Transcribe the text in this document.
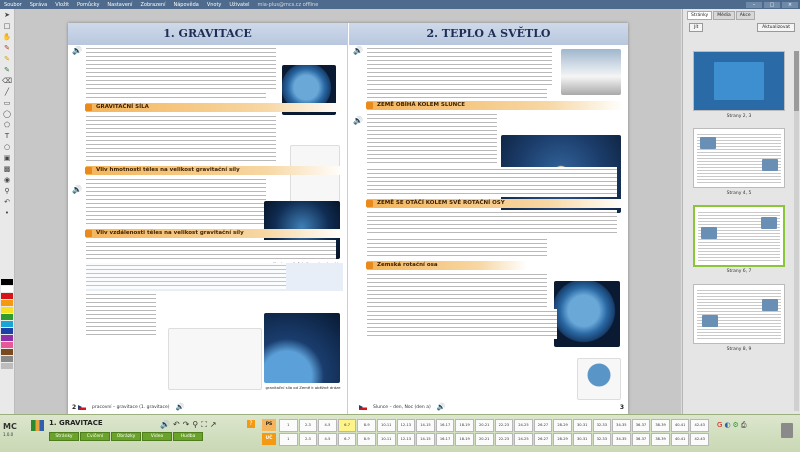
Soubor	Správa	Vložit	Pomůcky	Nastavení	Zobrazení	Nápověda	Vnoty	Uživatel	mia-plus@mcs.cz offline	–	□	×
➤
□
✋
✎
✎
✎
⌫
╱
▭
◯
⬠
T
○
▣
▩
◉
⚲
↶
•
1. GRAVITACE
🔊
GRAVITAČNÍ SÍLA
Vliv hmotnosti těles na velikost gravitační síly
🔊
Vliv vzdálenosti těles na velikost gravitační síly
gravitační síla od Země k oběžné dráze
pracovní – gravitace (1. gravitace) 🔊
2
2. TEPLO A SVĚTLO
🔊
ZEMĚ OBÍHÁ KOLEM SLUNCE
🔊
ZEMĚ SE OTÁČÍ KOLEM SVÉ ROTAČNÍ OSY
Zemská rotační osa
Slunce – den, Noc (den a) 🔊	3
Stránky	Média	Akce
Jít	Aktualizovat
Strany 2, 3
Strany 4, 5
Strany 6, 7
Strany 8, 9
MC
1.0.0
1. GRAVITACE
Stránky	Cvičení	Obrázky	Video	Hudba
🔊 ↶ ↷ ⚲ ⛶ ↗	?	PS
UČ
1	2-3	4-5	6-7	8-9	10-11	12-13	14-15	16-17	18-19	20-21	22-23	24-25	26-27	28-29	30-31	32-33	34-35	36-37	38-39	40-41	42-43
1	2-3	4-5	6-7	8-9	10-11	12-13	14-15	16-17	18-19	20-21	22-23	24-25	26-27	28-29	30-31	32-33	34-35	36-37	38-39	40-41	42-43
G ◐ ⚙ ⎙
